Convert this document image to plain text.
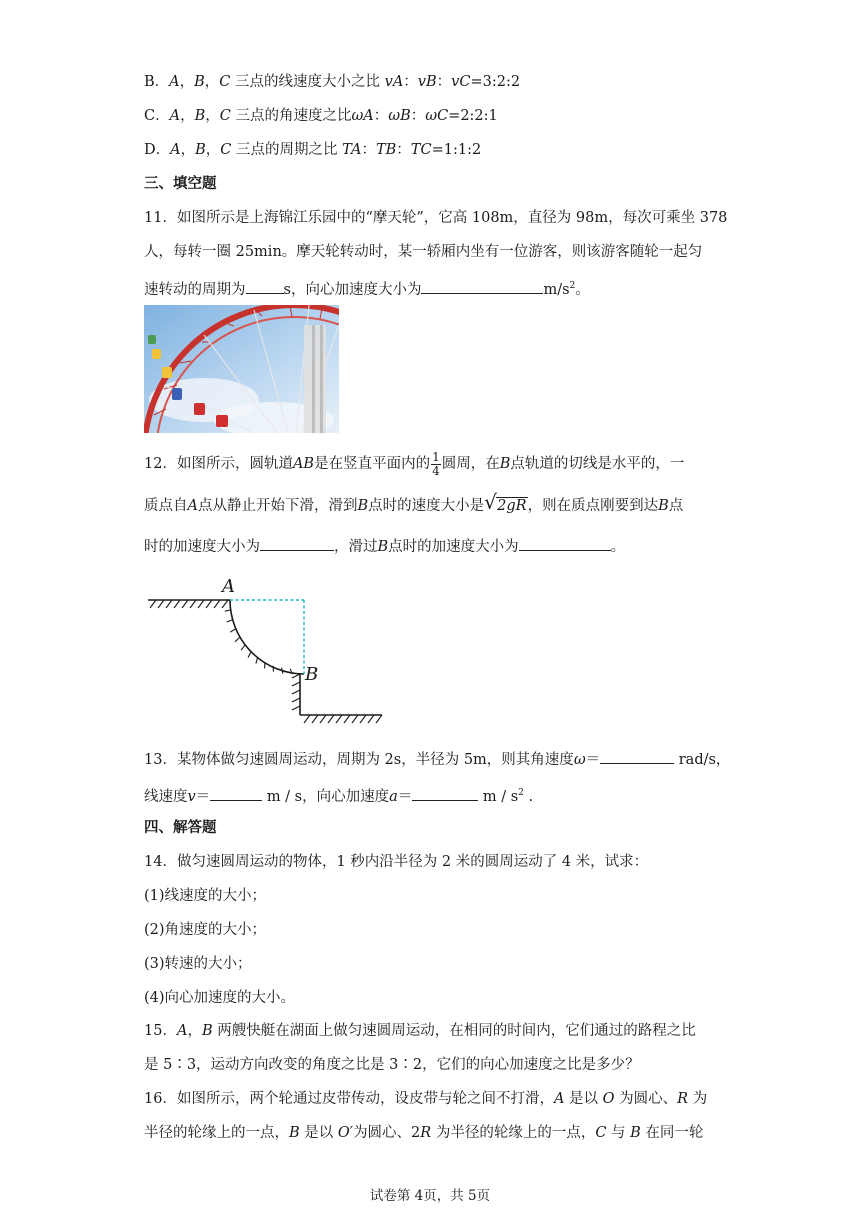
B．A，B，C 三点的线速度大小之比 vA：vB：vC=3:2:2
C．A，B，C 三点的角速度之比ωA：ωB：ωC=2:2:1
D．A，B，C 三点的周期之比 TA：TB：TC=1:1:2
三、填空题
11．如图所示是上海锦江乐园中的“摩天轮”，它高 108m，直径为 98m，每次可乘坐 378
人，每转一圈 25min。摩天轮转动时，某一轿厢内坐有一位游客，则该游客随轮一起匀
速转动的周期为	s，向心加速度大小为	$m/s^2$。
12．如图所示，圆轨道AB是在竖直平面内的 $\frac{1}{4}$ 圆周，在B点轨道的切线是水平的，一
质点自A点从静止开始下滑，滑到B点时的速度大小是 √ 2gR，则在质点刚要到达B点
时的加速度大小为	，滑过B点时的加速度大小为	。
A
B
13．某物体做匀速圆周运动，周期为 2s，半径为 5m，则其角速度ω＝	rad/s，
线速度v＝	m / s，向心加速度a＝	m / $s^2$ .
四、解答题
14．做匀速圆周运动的物体，1 秒内沿半径为 2 米的圆周运动了 4 米，试求：
(1)线速度的大小；
(2)角速度的大小；
(3)转速的大小；
(4)向心加速度的大小。
15．A，B 两艘快艇在湖面上做匀速圆周运动，在相同的时间内，它们通过的路程之比
是 5∶3，运动方向改变的角度之比是 3∶2，它们的向心加速度之比是多少？
16．如图所示，两个轮通过皮带传动，设皮带与轮之间不打滑，A 是以 O 为圆心、R 为
半径的轮缘上的一点，B 是以 O′为圆心、2R 为半径的轮缘上的一点，C 与 B 在同一轮
试卷第 4页，共 5页
